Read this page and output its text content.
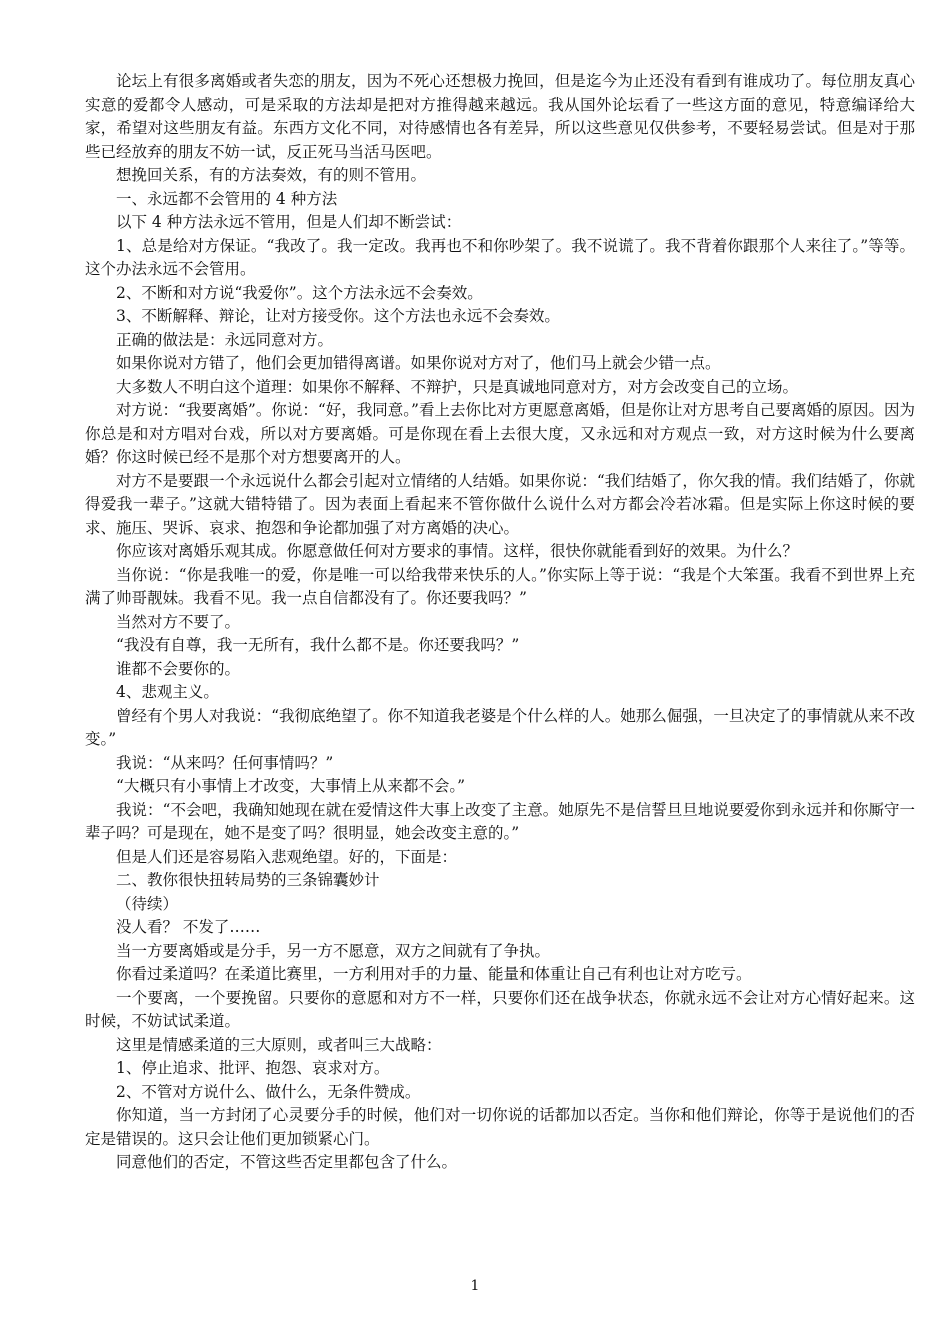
论坛上有很多离婚或者失恋的朋友，因为不死心还想极力挽回，但是迄今为止还没有看到有谁成功了。每位朋友真心实意的爱都令人感动，可是采取的方法却是把对方推得越来越远。我从国外论坛看了一些这方面的意见，特意编译给大家，希望对这些朋友有益。东西方文化不同，对待感情也各有差异，所以这些意见仅供参考，不要轻易尝试。但是对于那些已经放弃的朋友不妨一试，反正死马当活马医吧。

想挽回关系，有的方法奏效，有的则不管用。

一、永远都不会管用的 4 种方法

以下 4 种方法永远不管用，但是人们却不断尝试：

1、总是给对方保证。“我改了。我一定改。我再也不和你吵架了。我不说谎了。我不背着你跟那个人来往了。”等等。这个办法永远不会管用。

2、不断和对方说“我爱你”。这个方法永远不会奏效。

3、不断解释、辩论，让对方接受你。这个方法也永远不会奏效。

正确的做法是：永远同意对方。

如果你说对方错了，他们会更加错得离谱。如果你说对方对了，他们马上就会少错一点。

大多数人不明白这个道理：如果你不解释、不辩护，只是真诚地同意对方，对方会改变自己的立场。

对方说：“我要离婚”。你说：“好，我同意。”看上去你比对方更愿意离婚，但是你让对方思考自己要离婚的原因。因为你总是和对方唱对台戏，所以对方要离婚。可是你现在看上去很大度，又永远和对方观点一致，对方这时候为什么要离婚？你这时候已经不是那个对方想要离开的人。

对方不是要跟一个永远说什么都会引起对立情绪的人结婚。如果你说：“我们结婚了，你欠我的情。我们结婚了，你就得爱我一辈子。”这就大错特错了。因为表面上看起来不管你做什么说什么对方都会冷若冰霜。但是实际上你这时候的要求、施压、哭诉、哀求、抱怨和争论都加强了对方离婚的决心。

你应该对离婚乐观其成。你愿意做任何对方要求的事情。这样，很快你就能看到好的效果。为什么？

当你说：“你是我唯一的爱，你是唯一可以给我带来快乐的人。”你实际上等于说：“我是个大笨蛋。我看不到世界上充满了帅哥靓妹。我看不见。我一点自信都没有了。你还要我吗？”

当然对方不要了。

“我没有自尊，我一无所有，我什么都不是。你还要我吗？”

谁都不会要你的。

4、悲观主义。

曾经有个男人对我说：“我彻底绝望了。你不知道我老婆是个什么样的人。她那么倔强，一旦决定了的事情就从来不改变。”

我说：“从来吗？任何事情吗？”

“大概只有小事情上才改变，大事情上从来都不会。”

我说：“不会吧，我确知她现在就在爱情这件大事上改变了主意。她原先不是信誓旦旦地说要爱你到永远并和你厮守一辈子吗？可是现在，她不是变了吗？很明显，她会改变主意的。”

但是人们还是容易陷入悲观绝望。好的，下面是：

二、教你很快扭转局势的三条锦囊妙计

（待续）

没人看？ 不发了……

当一方要离婚或是分手，另一方不愿意，双方之间就有了争执。

你看过柔道吗？在柔道比赛里，一方利用对手的力量、能量和体重让自己有利也让对方吃亏。

一个要离，一个要挽留。只要你的意愿和对方不一样，只要你们还在战争状态，你就永远不会让对方心情好起来。这时候，不妨试试柔道。

这里是情感柔道的三大原则，或者叫三大战略：

1、停止追求、批评、抱怨、哀求对方。

2、不管对方说什么、做什么，无条件赞成。

你知道，当一方封闭了心灵要分手的时候，他们对一切你说的话都加以否定。当你和他们辩论，你等于是说他们的否定是错误的。这只会让他们更加锁紧心门。

同意他们的否定，不管这些否定里都包含了什么。

1
